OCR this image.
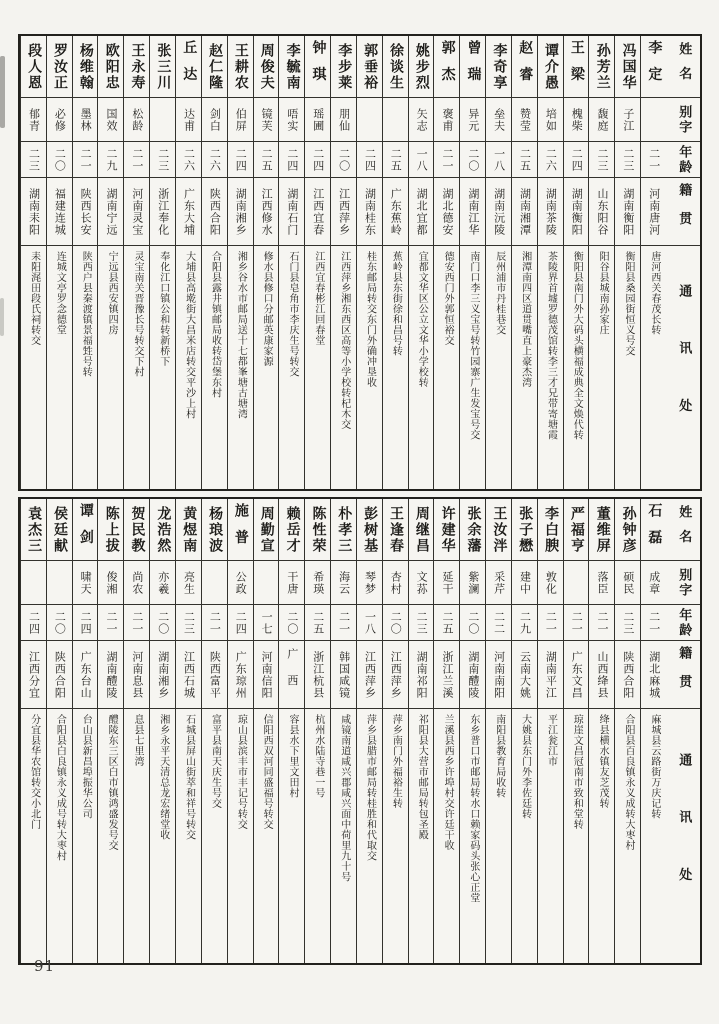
姓名
别字
年龄
籍贯
通讯处
李定
二一
河南唐河
唐河西关春茂长转
冯国华
子江
二三
湖南衡阳
衡阳县桑园街恒义号交
孙芳兰
馥庭
二三
山东阳谷
阳谷县城南孙家庄
王梁
槐柴
二四
湖南衡阳
衡阳县南门外大码头横福成典全文焕代转
谭介愚
培如
二六
湖南茶陵
茶陵界首墟罗德茂馆转李三才兄带寄塘霞
赵睿
赞莹
二五
湖南湘潭
湘潭南四区道贯嘴直上豪杰湾
李奇享
垒夫
一八
湖南沅陵
辰州浦市丹桂巷交
曾瑞
异元
二〇
湖南江华
南门口李三义宝号转竹园寨广生发宝号交
郭杰
褒甫
二一
湖北德安
德安西门外郭恒裕交
姚步烈
矢志
一八
湖北宜都
宜都文华区公立文华小学校转
徐谈生
二五
广东蕉岭
蕉岭县东街徐和昌号转
郭垂裕
二四
湖南桂东
桂东邮局转交东门外确冲垦收
李步莱
朋仙
二〇
江西萍乡
江西萍乡湘东西区高等小学校转杞木交
钟琪
瑶圃
二四
江西宜春
江西宜春彬江回春堂
李毓南
唔实
二四
湖南石门
石门县皂角市李庆生号转交
周俊夫
镜芙
二五
江西修水
修水县修口分邮英康家源
王耕农
伯屏
二四
湖南湘乡
湘乡谷水市邮局送十七都峯塘古塘湾
赵仁隆
剑白
二六
陕西合阳
合阳县露井镇邮局收转岱堡东村
丘达
达甫
二六
广东大埔
大埔县高墘街大昌米店转交平沙上村
张三川
二三
浙江奉化
奉化江口镇公和转新桥下
王永寿
松龄
二一
河南灵宝
灵宝南关晋豫长号转交下村
欧阳忠
国效
二九
湖南宁远
宁远县西安镇四房
杨维翰
墨林
二一
陕西长安
陕西户县秦渡镇景福甡号转
罗汝正
必修
二〇
福建连城
连城文亭罗念德堂
段人恩
郁青
二三
湖南耒阳
耒阳浘田段氏祠转交
姓名
别字
年龄
籍贯
通讯处
石磊
成章
二一
湖北麻城
麻城县云路街万庆记转
孙钟彦
硕民
二三
陕西合阳
合阳县百良镇永义成转大枣村
董维屏
落臣
二一
山西绛县
绛县横水镇友芝茂转
严福亨
二一
广东文昌
琼崖文昌冠南市致和堂转
李白腴
敦化
二一
湖南平江
平江瓮江市
张子懋
建中
二九
云南大姚
大姚县东门外李佐廷转
王汝泮
采芹
二二
河南南阳
南阳县教育局收转
张余藩
紫澜
二〇
湖南醴陵
东乡普口市邮局转水口赖家码头张心正堂
许建华
延干
二五
浙江兰溪
兰溪县西乡许埠村交许廷干收
周继昌
文荪
二三
湖南祁阳
祁阳县大营市邮局转包圣殿
王逢春
杏村
二〇
江西萍乡
萍乡南门外福裕生转
彭树基
琴梦
一八
江西萍乡
萍乡县腊市邮局转桂胜和代取交
朴孝三
海云
二一
韩国咸镜
咸镜南道咸兴郡咸兴面中荷里九十号
陈性荣
希瑛
二五
浙江杭县
杭州水陆寺巷一号
赖岳才
干唐
二〇
广西
容县水下里文田村
周勤宣
一七
河南信阳
信阳西双河同盛福号转交
施普
公政
二四
广东琼州
琼山县滨丰市丰记号转交
杨琅波
二一
陕西富平
富平县南天庆生号交
黄煜南
亮生
二三
江西石城
石城县屏山街萃和祥号转交
龙浩然
亦羲
二〇
湖南湘乡
湘乡永平天清总龙宏绪堂收
贺民教
尚农
二一
河南息县
息县七里湾
陈上拔
俊湘
二一
湖南醴陵
醴陵东三区白市镇鸿盛发号交
谭剑
啸天
二四
广东台山
台山县新昌埠振华公司
侯廷献
二〇
陕西合阳
合阳县白良镇永义成号转大枣村
袁杰三
二四
江西分宜
分宜县华农馆转交小北门
91
